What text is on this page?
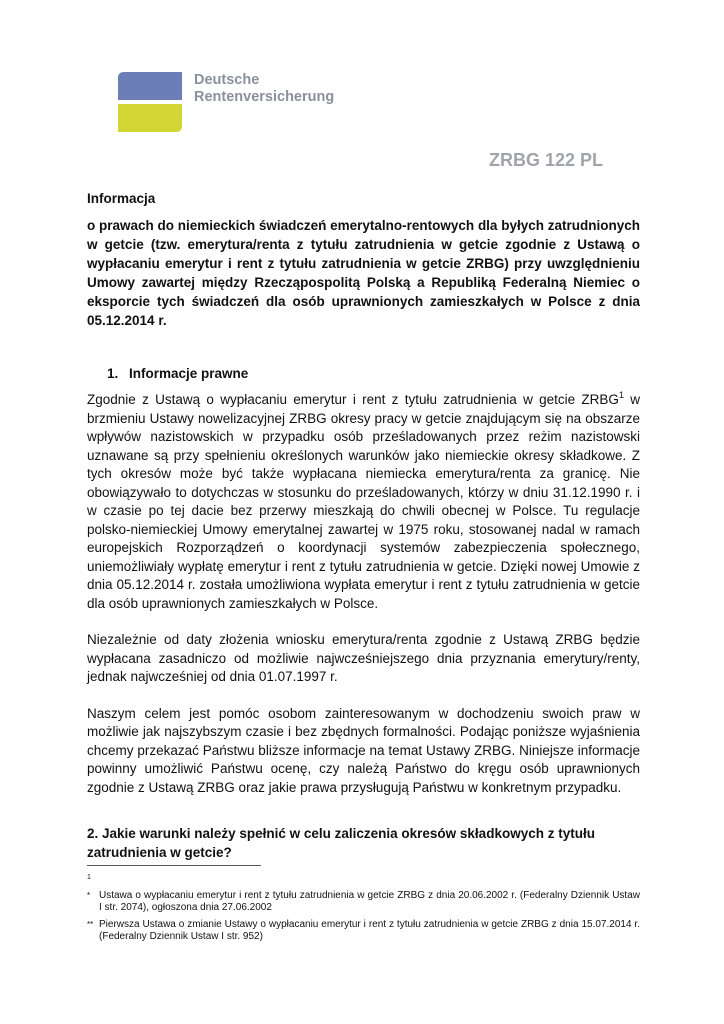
Deutsche
Rentenversicherung
ZRBG 122 PL
Informacja

o prawach do niemieckich świadczeń emerytalno-rentowych dla byłych zatrudnionych w getcie (tzw. emerytura/renta z tytułu zatrudnienia w getcie zgodnie z Ustawą o wypłacaniu emerytur i rent z tytułu zatrudnienia w getcie ZRBG) przy uwzględnieniu Umowy zawartej między Rzecząpospolitą Polską a Republiką Federalną Niemiec o eksporcie tych świadczeń dla osób uprawnionych zamieszkałych w Polsce z dnia 05.12.2014 r.

1. Informacje prawne

Zgodnie z Ustawą o wypłacaniu emerytur i rent z tytułu zatrudnienia w getcie ZRBG$^1$ w brzmieniu Ustawy nowelizacyjnej ZRBG okresy pracy w getcie znajdującym się na obszarze wpływów nazistowskich w przypadku osób prześladowanych przez reżim nazistowski uznawane są przy spełnieniu określonych warunków jako niemieckie okresy składkowe. Z tych okresów może być także wypłacana niemiecka emerytura/renta za granicę. Nie obowiązywało to dotychczas w stosunku do prześladowanych, którzy w dniu 31.12.1990 r. i w czasie po tej dacie bez przerwy mieszkają do chwili obecnej w Polsce. Tu regulacje polsko-niemieckiej Umowy emerytalnej zawartej w 1975 roku, stosowanej nadal w ramach europejskich Rozporządzeń o koordynacji systemów zabezpieczenia społecznego, uniemożliwiały wypłatę emerytur i rent z tytułu zatrudnienia w getcie. Dzięki nowej Umowie z dnia 05.12.2014 r. została umożliwiona wypłata emerytur i rent z tytułu zatrudnienia w getcie dla osób uprawnionych zamieszkałych w Polsce.

Niezależnie od daty złożenia wniosku emerytura/renta zgodnie z Ustawą ZRBG będzie wypłacana zasadniczo od możliwie najwcześniejszego dnia przyznania emerytury/renty, jednak najwcześniej od dnia 01.07.1997 r.

Naszym celem jest pomóc osobom zainteresowanym w dochodzeniu swoich praw w możliwie jak najszybszym czasie i bez zbędnych formalności. Podając poniższe wyjaśnienia chcemy przekazać Państwu bliższe informacje na temat Ustawy ZRBG. Niniejsze informacje powinny umożliwić Państwu ocenę, czy należą Państwo do kręgu osób uprawnionych zgodnie z Ustawą ZRBG oraz jakie prawa przysługują Państwu w konkretnym przypadku.

2. Jakie warunki należy spełnić w celu zaliczenia okresów składkowych z tytułu zatrudnienia w getcie?
1
* Ustawa o wypłacaniu emerytur i rent z tytułu zatrudnienia w getcie ZRBG z dnia 20.06.2002 r. (Federalny Dziennik Ustaw I str. 2074), ogłoszona dnia 27.06.2002
** Pierwsza Ustawa o zmianie Ustawy o wypłacaniu emerytur i rent z tytułu zatrudnienia w getcie ZRBG z dnia 15.07.2014 r. (Federalny Dziennik Ustaw I str. 952)
